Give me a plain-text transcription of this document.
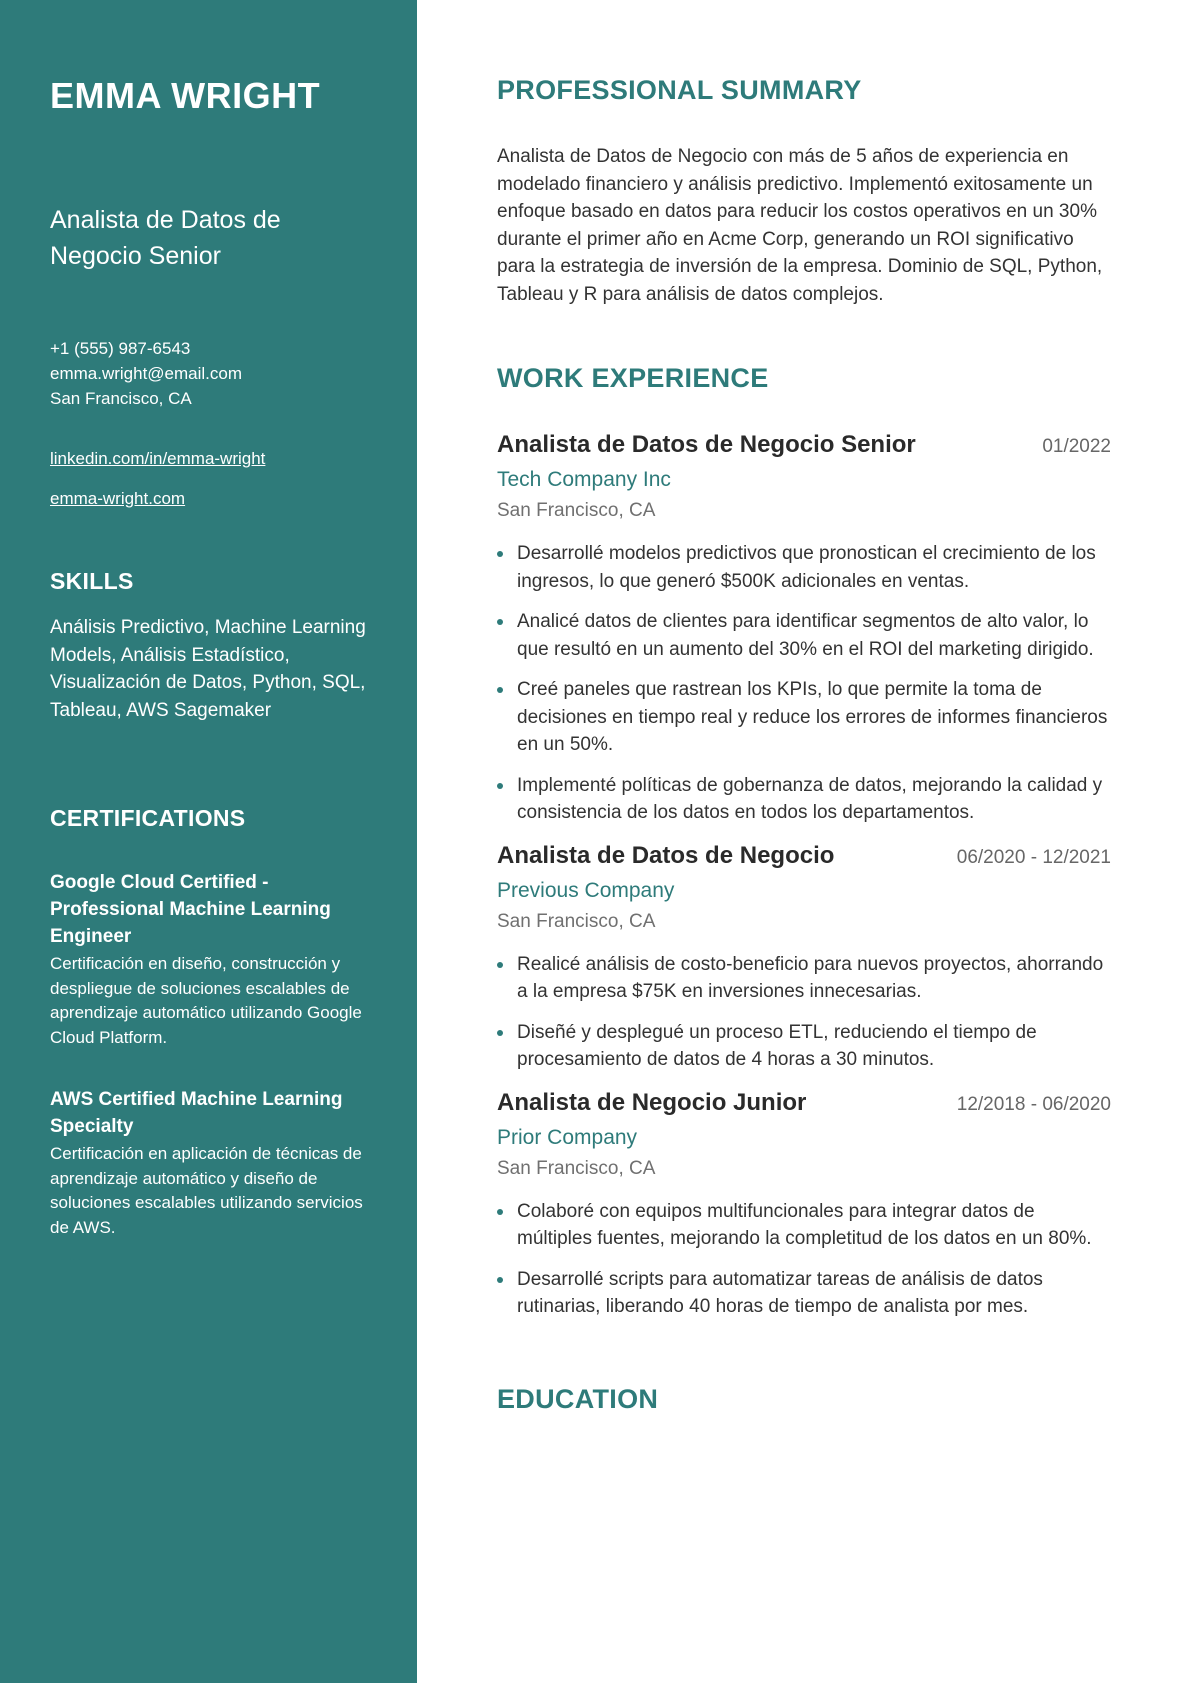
EMMA WRIGHT
Analista de Datos de Negocio Senior
+1 (555) 987-6543
emma.wright@email.com
San Francisco, CA
linkedin.com/in/emma-wright
emma-wright.com
SKILLS

Análisis Predictivo, Machine Learning Models, Análisis Estadístico, Visualización de Datos, Python, SQL, Tableau, AWS Sagemaker

CERTIFICATIONS
Google Cloud Certified - Professional Machine Learning Engineer
Certificación en diseño, construcción y despliegue de soluciones escalables de aprendizaje automático utilizando Google Cloud Platform.
AWS Certified Machine Learning Specialty
Certificación en aplicación de técnicas de aprendizaje automático y diseño de soluciones escalables utilizando servicios de AWS.
PROFESSIONAL SUMMARY

Analista de Datos de Negocio con más de 5 años de experiencia en modelado financiero y análisis predictivo. Implementó exitosamente un enfoque basado en datos para reducir los costos operativos en un 30% durante el primer año en Acme Corp, generando un ROI significativo para la estrategia de inversión de la empresa. Dominio de SQL, Python, Tableau y R para análisis de datos complejos.

WORK EXPERIENCE
Analista de Datos de Negocio Senior	01/2022
Tech Company Inc
San Francisco, CA
Desarrollé modelos predictivos que pronostican el crecimiento de los ingresos, lo que generó $500K adicionales en ventas.
Analicé datos de clientes para identificar segmentos de alto valor, lo que resultó en un aumento del 30% en el ROI del marketing dirigido.
Creé paneles que rastrean los KPIs, lo que permite la toma de decisiones en tiempo real y reduce los errores de informes financieros en un 50%.
Implementé políticas de gobernanza de datos, mejorando la calidad y consistencia de los datos en todos los departamentos.
Analista de Datos de Negocio	06/2020 - 12/2021
Previous Company
San Francisco, CA
Realicé análisis de costo-beneficio para nuevos proyectos, ahorrando a la empresa $75K en inversiones innecesarias.
Diseñé y desplegué un proceso ETL, reduciendo el tiempo de procesamiento de datos de 4 horas a 30 minutos.
Analista de Negocio Junior	12/2018 - 06/2020
Prior Company
San Francisco, CA
Colaboré con equipos multifuncionales para integrar datos de múltiples fuentes, mejorando la completitud de los datos en un 80%.
Desarrollé scripts para automatizar tareas de análisis de datos rutinarias, liberando 40 horas de tiempo de analista por mes.
EDUCATION
